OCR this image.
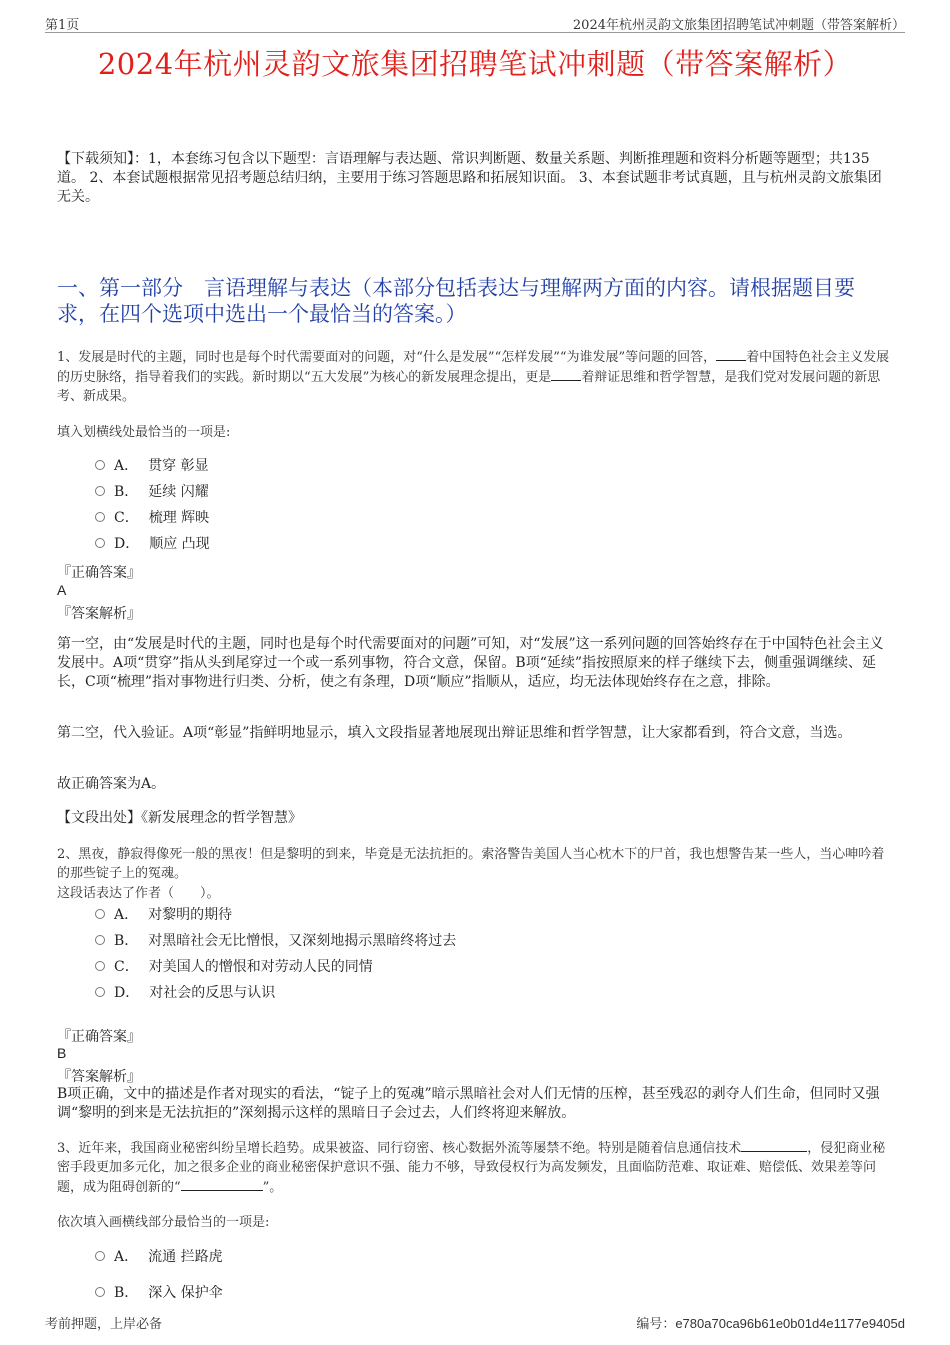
第1页	2024年杭州灵韵文旅集团招聘笔试冲刺题（带答案解析）
2024年杭州灵韵文旅集团招聘笔试冲刺题（带答案解析）
【下载须知】：1，本套练习包含以下题型：言语理解与表达题、常识判断题、数量关系题、判断推理题和资料分析题等题型；共135道。 2、本套试题根据常见招考题总结归纳，主要用于练习答题思路和拓展知识面。 3、本套试题非考试真题，且与杭州灵韵文旅集团无关。
一、第一部分　言语理解与表达（本部分包括表达与理解两方面的内容。请根据题目要求，在四个选项中选出一个最恰当的答案。）
1、发展是时代的主题，同时也是每个时代需要面对的问题，对“什么是发展”“怎样发展”“为谁发展”等问题的回答， 着中国特色社会主义发展的历史脉络，指导着我们的实践。新时期以“五大发展”为核心的新发展理念提出，更是 着辩证思维和哲学智慧，是我们党对发展问题的新思考、新成果。
填入划横线处最恰当的一项是:
A． 贯穿 彰显
B． 延续 闪耀
C． 梳理 辉映
D． 顺应 凸现
『正确答案』
A
『答案解析』
第一空，由“发展是时代的主题，同时也是每个时代需要面对的问题”可知，对“发展”这一系列问题的回答始终存在于中国特色社会主义发展中。A项“贯穿”指从头到尾穿过一个或一系列事物，符合文意，保留。B项“延续”指按照原来的样子继续下去，侧重强调继续、延长，C项“梳理”指对事物进行归类、分析，使之有条理，D项“顺应”指顺从，适应，均无法体现始终存在之意，排除。
第二空，代入验证。A项“彰显”指鲜明地显示，填入文段指显著地展现出辩证思维和哲学智慧，让大家都看到，符合文意，当选。
故正确答案为A。
【文段出处】《新发展理念的哲学智慧》
2、黑夜，静寂得像死一般的黑夜！但是黎明的到来，毕竟是无法抗拒的。索洛警告美国人当心枕木下的尸首，我也想警告某一些人，当心呻吟着的那些锭子上的冤魂。
这段话表达了作者（　　）。
A． 对黎明的期待
B． 对黑暗社会无比憎恨，又深刻地揭示黑暗终将过去
C． 对美国人的憎恨和对劳动人民的同情
D． 对社会的反思与认识
『正确答案』
B
『答案解析』
B项正确，文中的描述是作者对现实的看法，“锭子上的冤魂”暗示黑暗社会对人们无情的压榨，甚至残忍的剥夺人们生命，但同时又强调“黎明的到来是无法抗拒的”深刻揭示这样的黑暗日子会过去，人们终将迎来解放。
3、近年来，我国商业秘密纠纷呈增长趋势。成果被盗、同行窃密、核心数据外流等屡禁不绝。特别是随着信息通信技术	，侵犯商业秘密手段更加多元化，加之很多企业的商业秘密保护意识不强、能力不够，导致侵权行为高发频发，且面临防范难、取证难、赔偿低、效果差等问题，成为阻碍创新的“	”。
依次填入画横线部分最恰当的一项是:
A． 流通 拦路虎
B． 深入 保护伞
考前押题，上岸必备	编号：e780a70ca96b61e0b01d4e1177e9405d
